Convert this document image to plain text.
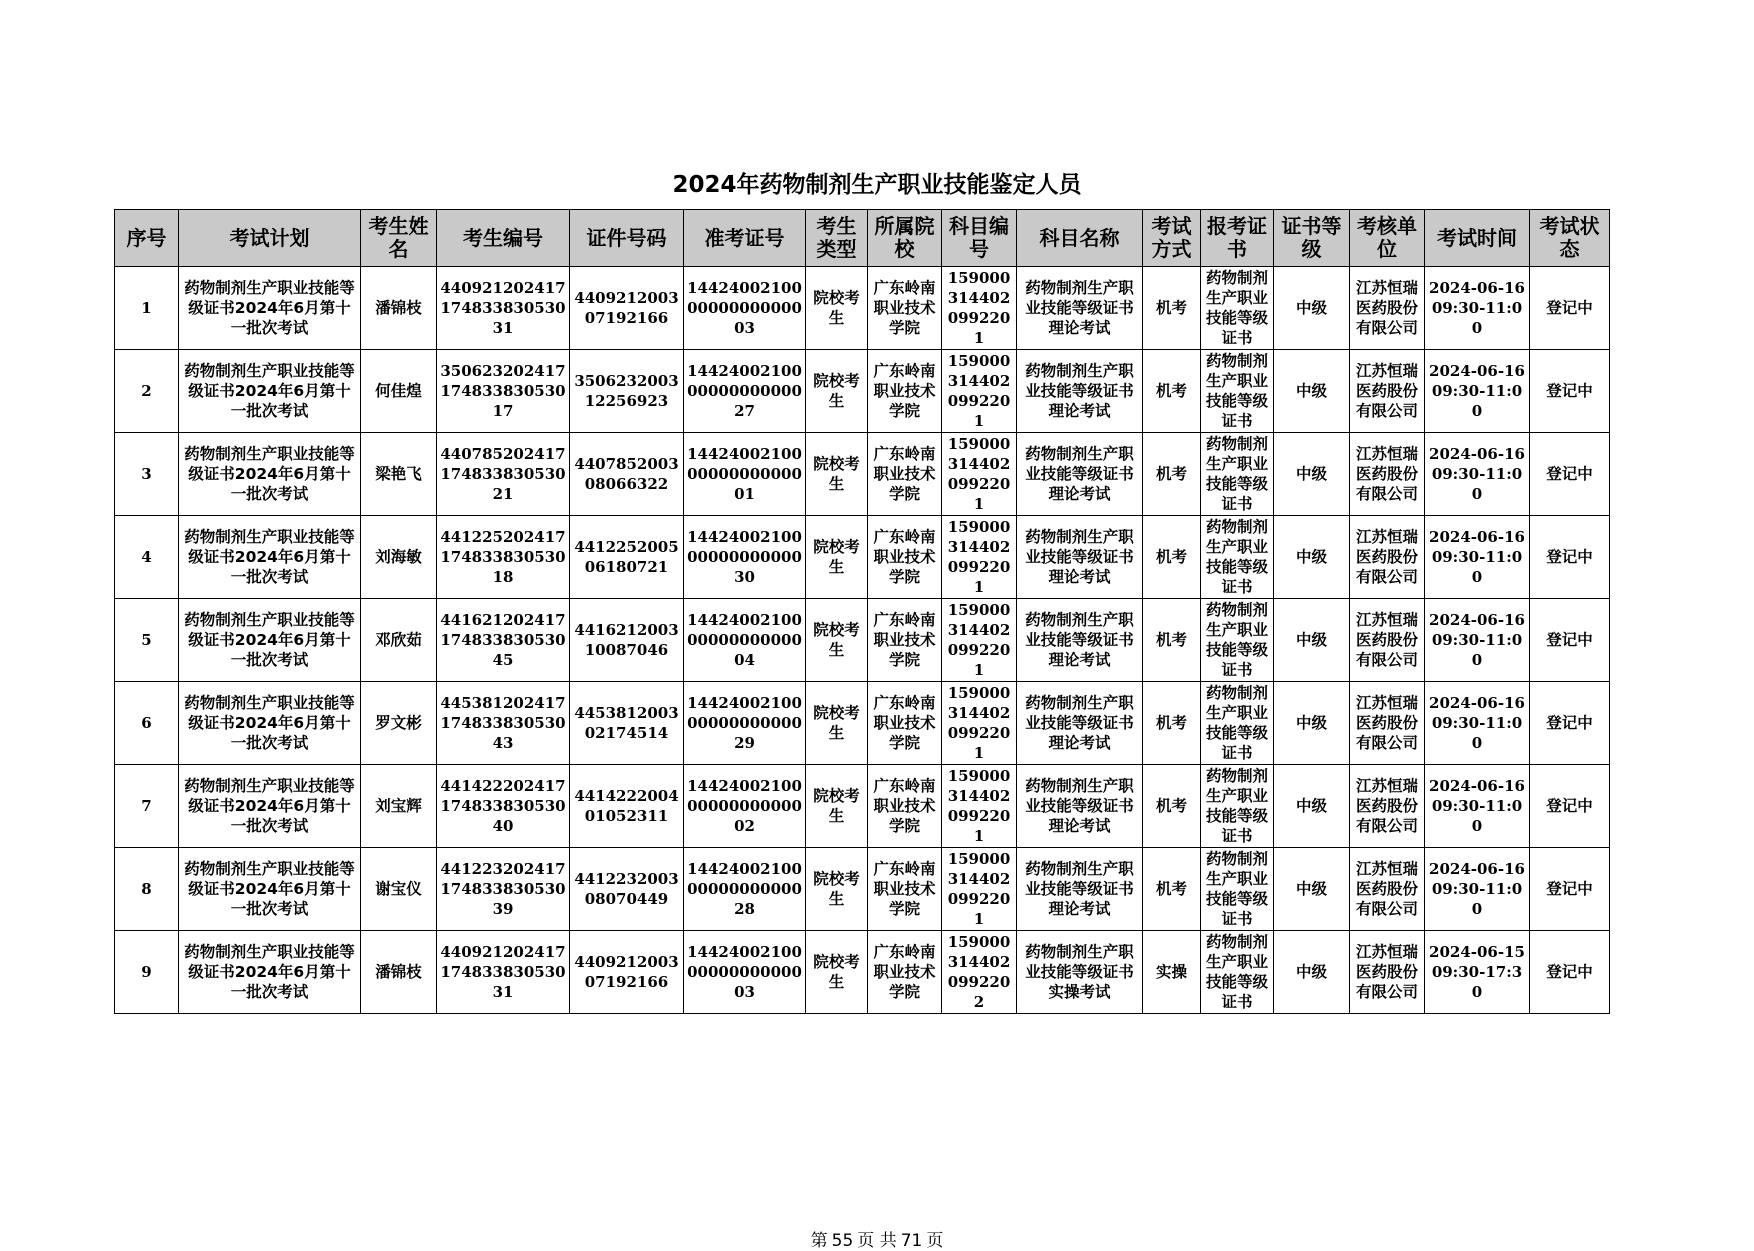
2024年药物制剂生产职业技能鉴定人员
序号	考试计划	考生姓名	考生编号	证件号码	准考证号	考生类型	所属院校	科目编号	科目名称	考试方式	报考证书	证书等级	考核单位	考试时间	考试状态
1	药物制剂生产职业技能等级证书2024年6月第十一批次考试	潘锦枝	44092120241717483383053031	440921200307192166	144240021000000000000003	院校考生	广东岭南职业技术学院	1590003144020992201	药物制剂生产职业技能等级证书理论考试	机考	药物制剂生产职业技能等级证书	中级	江苏恒瑞医药股份有限公司	2024-06-16 09:30-11:00	登记中
2	药物制剂生产职业技能等级证书2024年6月第十一批次考试	何佳煌	35062320241717483383053017	350623200312256923	144240021000000000000027	院校考生	广东岭南职业技术学院	1590003144020992201	药物制剂生产职业技能等级证书理论考试	机考	药物制剂生产职业技能等级证书	中级	江苏恒瑞医药股份有限公司	2024-06-16 09:30-11:00	登记中
3	药物制剂生产职业技能等级证书2024年6月第十一批次考试	梁艳飞	44078520241717483383053021	440785200308066322	144240021000000000000001	院校考生	广东岭南职业技术学院	1590003144020992201	药物制剂生产职业技能等级证书理论考试	机考	药物制剂生产职业技能等级证书	中级	江苏恒瑞医药股份有限公司	2024-06-16 09:30-11:00	登记中
4	药物制剂生产职业技能等级证书2024年6月第十一批次考试	刘海敏	44122520241717483383053018	441225200506180721	144240021000000000000030	院校考生	广东岭南职业技术学院	1590003144020992201	药物制剂生产职业技能等级证书理论考试	机考	药物制剂生产职业技能等级证书	中级	江苏恒瑞医药股份有限公司	2024-06-16 09:30-11:00	登记中
5	药物制剂生产职业技能等级证书2024年6月第十一批次考试	邓欣茹	44162120241717483383053045	441621200310087046	144240021000000000000004	院校考生	广东岭南职业技术学院	1590003144020992201	药物制剂生产职业技能等级证书理论考试	机考	药物制剂生产职业技能等级证书	中级	江苏恒瑞医药股份有限公司	2024-06-16 09:30-11:00	登记中
6	药物制剂生产职业技能等级证书2024年6月第十一批次考试	罗文彬	44538120241717483383053043	445381200302174514	144240021000000000000029	院校考生	广东岭南职业技术学院	1590003144020992201	药物制剂生产职业技能等级证书理论考试	机考	药物制剂生产职业技能等级证书	中级	江苏恒瑞医药股份有限公司	2024-06-16 09:30-11:00	登记中
7	药物制剂生产职业技能等级证书2024年6月第十一批次考试	刘宝辉	44142220241717483383053040	441422200401052311	144240021000000000000002	院校考生	广东岭南职业技术学院	1590003144020992201	药物制剂生产职业技能等级证书理论考试	机考	药物制剂生产职业技能等级证书	中级	江苏恒瑞医药股份有限公司	2024-06-16 09:30-11:00	登记中
8	药物制剂生产职业技能等级证书2024年6月第十一批次考试	谢宝仪	44122320241717483383053039	441223200308070449	144240021000000000000028	院校考生	广东岭南职业技术学院	1590003144020992201	药物制剂生产职业技能等级证书理论考试	机考	药物制剂生产职业技能等级证书	中级	江苏恒瑞医药股份有限公司	2024-06-16 09:30-11:00	登记中
9	药物制剂生产职业技能等级证书2024年6月第十一批次考试	潘锦枝	44092120241717483383053031	440921200307192166	144240021000000000000003	院校考生	广东岭南职业技术学院	1590003144020992202	药物制剂生产职业技能等级证书实操考试	实操	药物制剂生产职业技能等级证书	中级	江苏恒瑞医药股份有限公司	2024-06-15 09:30-17:30	登记中
第 55 页 共 71 页
